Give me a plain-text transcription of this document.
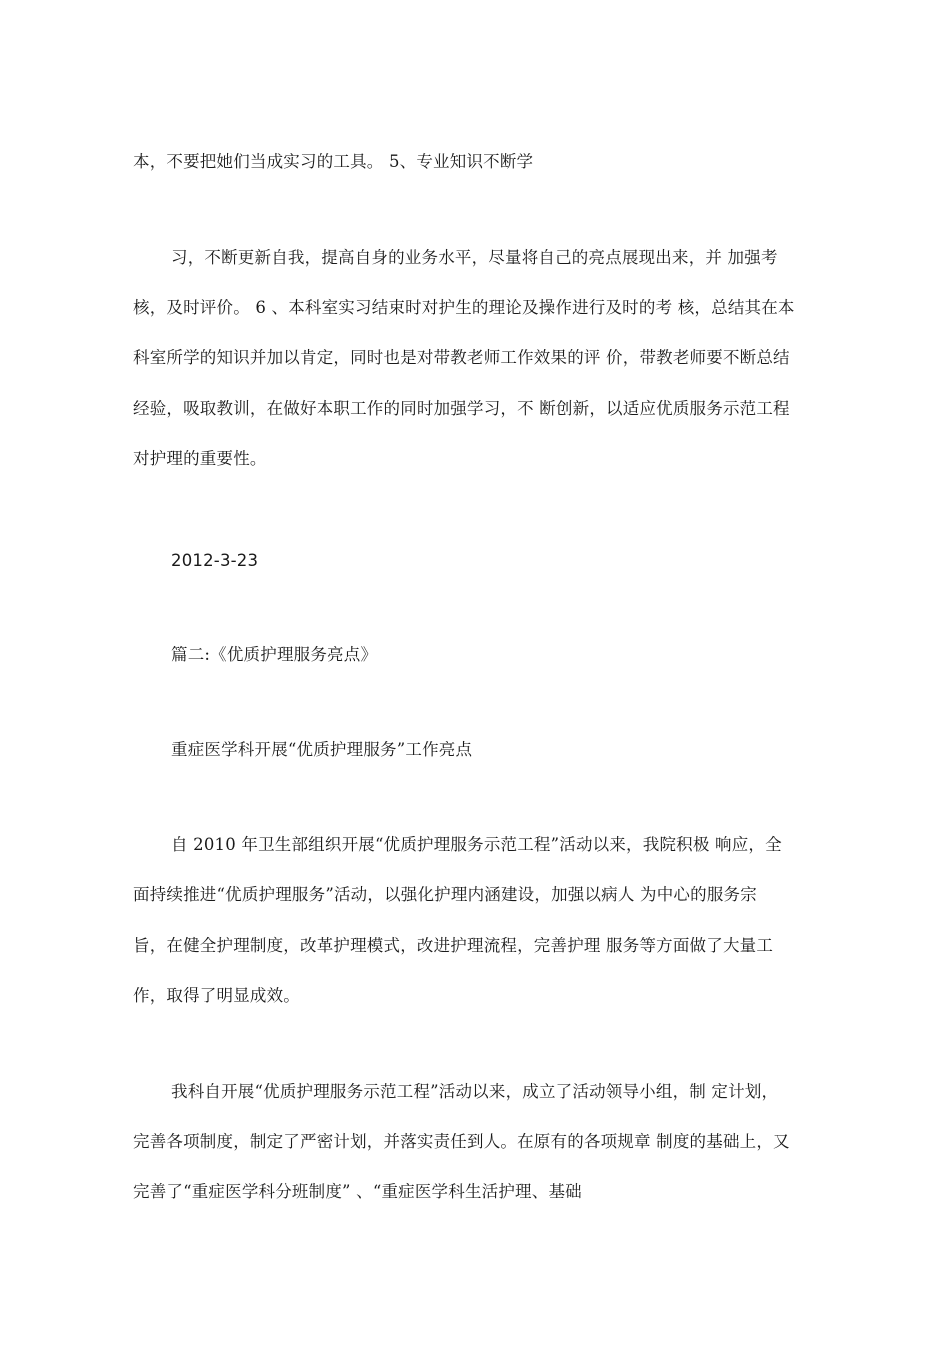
本，不要把她们当成实习的工具。 5、专业知识不断学
习，不断更新自我，提高自身的业务水平，尽量将自己的亮点展现出来，并 加强考
核，及时评价。 6 、本科室实习结束时对护生的理论及操作进行及时的考 核，总结其在本
科室所学的知识并加以肯定，同时也是对带教老师工作效果的评 价，带教老师要不断总结
经验，吸取教训，在做好本职工作的同时加强学习，不 断创新，以适应优质服务示范工程
对护理的重要性。
2012-3-23
篇二:《优质护理服务亮点》
重症医学科开展“优质护理服务”工作亮点
自 2010 年卫生部组织开展“优质护理服务示范工程”活动以来，我院积极 响应，全
面持续推进“优质护理服务”活动，以强化护理内涵建设，加强以病人 为中心的服务宗
旨，在健全护理制度，改革护理模式，改进护理流程，完善护理 服务等方面做了大量工
作，取得了明显成效。
我科自开展“优质护理服务示范工程”活动以来，成立了活动领导小组，制 定计划，
完善各项制度，制定了严密计划，并落实责任到人。在原有的各项规章 制度的基础上，又
完善了“重症医学科分班制度” 、“重症医学科生活护理、基础
